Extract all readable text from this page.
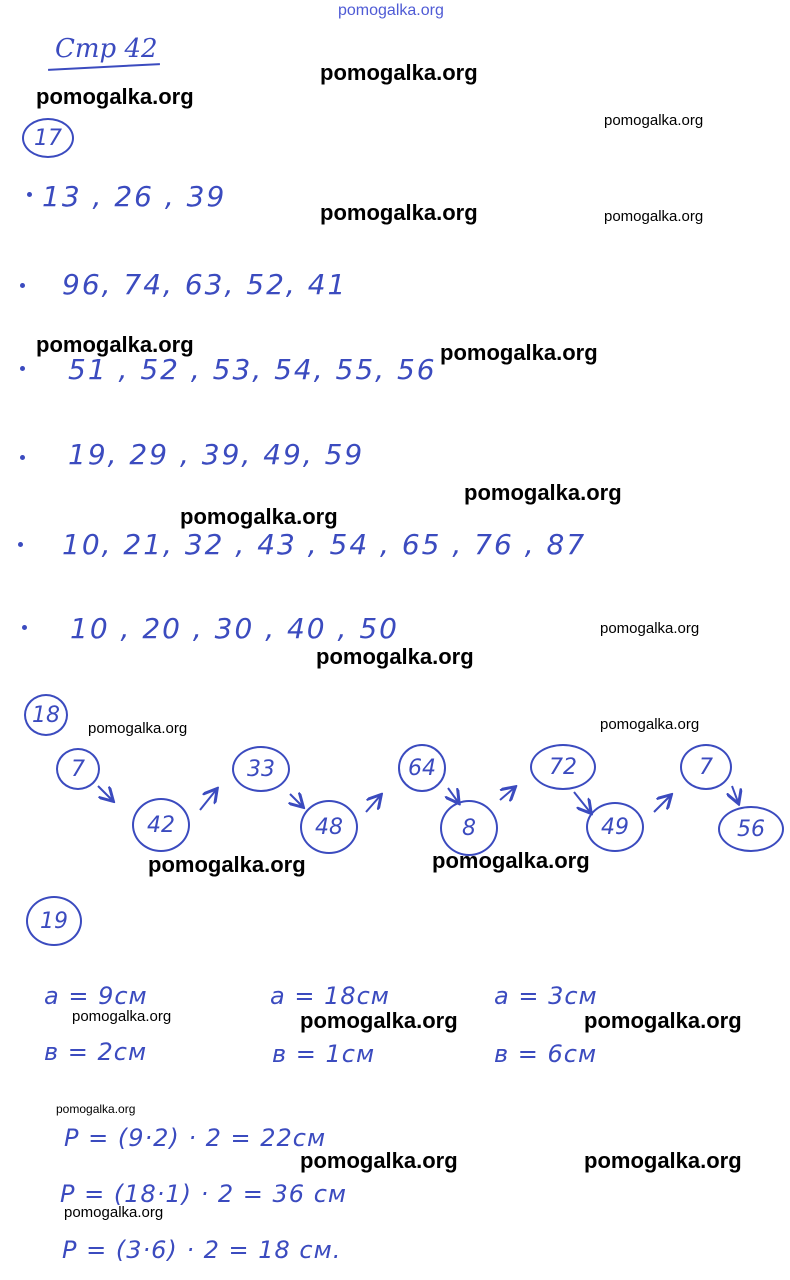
pomogalka.org
Стр 42
17
13 , 26 , 39
96, 74, 63, 52, 41
51 , 52 , 53, 54, 55, 56
19, 29 , 39, 49, 59
10, 21, 32 , 43 , 54 , 65 , 76 , 87
10 , 20 , 30 , 40 , 50
18
7
42
33
48
64
8
72
49
7
56
19
a = 9см
в = 2см
a = 18см
в = 1см
a = 3см
в = 6см
P = (9·2) · 2 = 22см
P = (18·1) · 2 = 36 см
P = (3·6) · 2 = 18 см.
pomogalka.org
pomogalka.org
pomogalka.org
pomogalka.org	pomogalka.org
pomogalka.org	pomogalka.org
pomogalka.org
pomogalka.org
pomogalka.org
pomogalka.org
pomogalka.org
pomogalka.org
pomogalka.org	pomogalka.org
pomogalka.org	pomogalka.org	pomogalka.org
pomogalka.org
pomogalka.org	pomogalka.org
pomogalka.org
